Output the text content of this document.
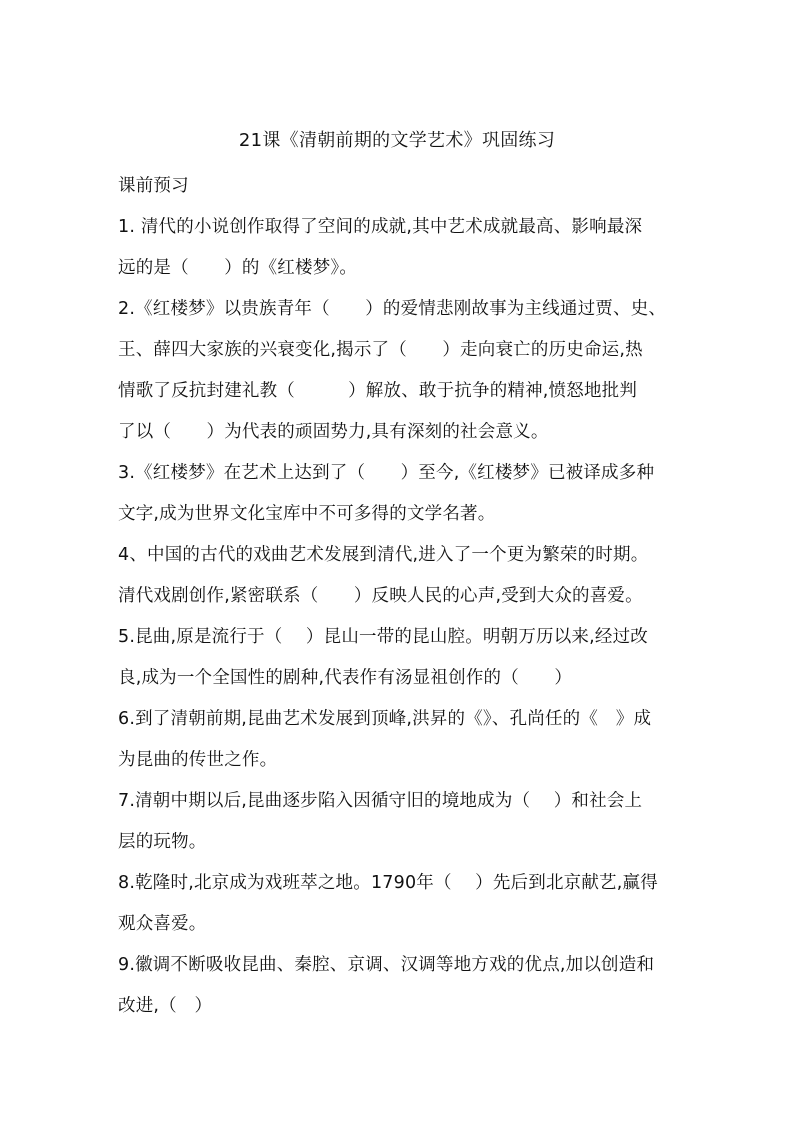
21课《清朝前期的文学艺术》巩固练习
课前预习
1. 清代的小说创作取得了空间的成就,其中艺术成就最高、影响最深
远的是（　　）的《红楼梦》。
2.《红楼梦》以贵族青年（　　）的爱情悲刚故事为主线通过贾、史、
王、薛四大家族的兴衰变化,揭示了（　　）走向衰亡的历史命运,热
情歌了反抗封建礼教（　　　）解放、敢于抗争的精神,愤怒地批判
了以（　　）为代表的顽固势力,具有深刻的社会意义。
3.《红楼梦》在艺术上达到了（　　）至今,《红楼梦》已被译成多种
文字,成为世界文化宝库中不可多得的文学名著。
4、中国的古代的戏曲艺术发展到清代,进入了一个更为繁荣的时期。
清代戏剧创作,紧密联系（　　）反映人民的心声,受到大众的喜爱。
5.昆曲,原是流行于（　 ）昆山一带的昆山腔。明朝万历以来,经过改
良,成为一个全国性的剧种,代表作有汤显祖创作的（　　）
6.到了清朝前期,昆曲艺术发展到顶峰,洪昇的《》、孔尚任的《　》成
为昆曲的传世之作。
7.清朝中期以后,昆曲逐步陷入因循守旧的境地成为（　 ）和社会上
层的玩物。
8.乾隆时,北京成为戏班萃之地。1790年（　 ）先后到北京献艺,赢得
观众喜爱。
9.徽调不断吸收昆曲、秦腔、京调、汉调等地方戏的优点,加以创造和
改进,（　）
